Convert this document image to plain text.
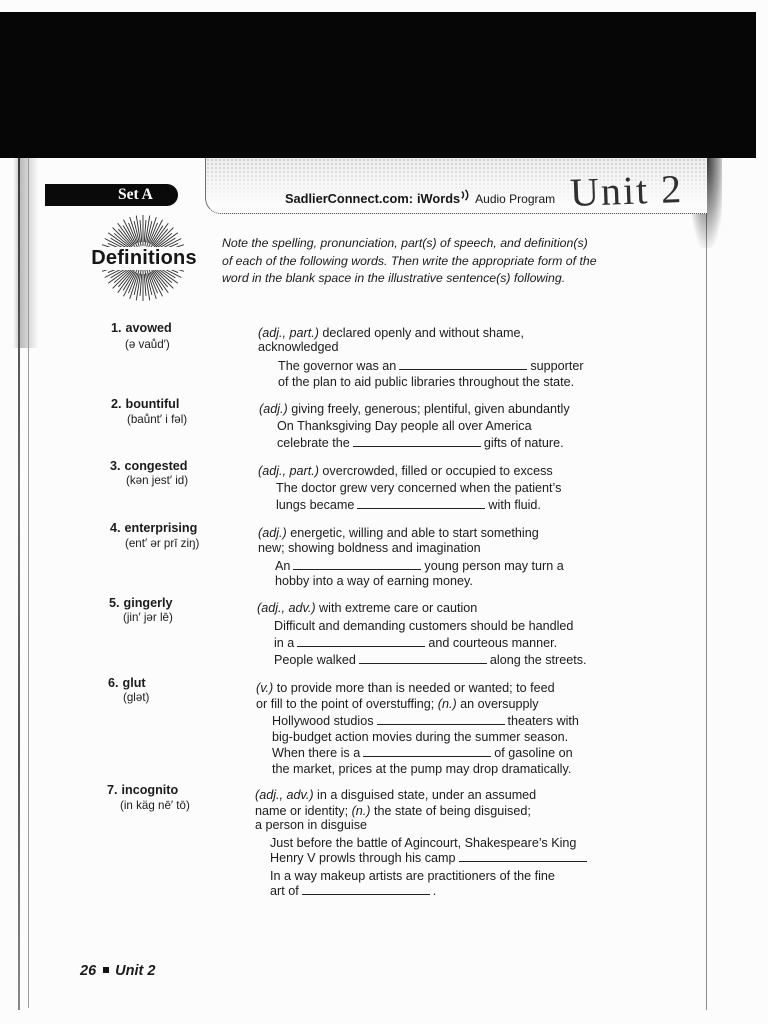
Set A	SadlierConnect.com: iWords Audio Program Unit 2
Definitions
Note the spelling, pronunciation, part(s) of speech, and definition(s)
of each of the following words. Then write the appropriate form of the
word in the blank space in the illustrative sentence(s) following.
1. avowed
(ə vaůd′)
(adj., part.) declared openly and without shame,
acknowledged
The governor was an	supporter
of the plan to aid public libraries throughout the state.
2. bountiful
(baůnt′ i fəl)
(adj.) giving freely, generous; plentiful, given abundantly
On Thanksgiving Day people all over America
celebrate the	gifts of nature.
3. congested
(kən jest′ id)
(adj., part.) overcrowded, filled or occupied to excess
The doctor grew very concerned when the patient’s
lungs became	with fluid.
4. enterprising
(ent′ ər prī ziŋ)
(adj.) energetic, willing and able to start something
new; showing boldness and imagination
An	young person may turn a
hobby into a way of earning money.
5. gingerly
(jin′ jər lē)
(adj., adv.) with extreme care or caution
Difficult and demanding customers should be handled
in a	and courteous manner.
People walked	along the streets.
6. glut
(glət)
(v.) to provide more than is needed or wanted; to feed
or fill to the point of overstuffing; (n.) an oversupply
Hollywood studios	theaters with
big-budget action movies during the summer season.
When there is a	of gasoline on
the market, prices at the pump may drop dramatically.
7. incognito
(in käg nē′ tō)
(adj., adv.) in a disguised state, under an assumed
name or identity; (n.) the state of being disguised;
a person in disguise
Just before the battle of Agincourt, Shakespeare’s King
Henry V prowls through his camp
In a way makeup artists are practitioners of the fine
art of	.
26 Unit 2
